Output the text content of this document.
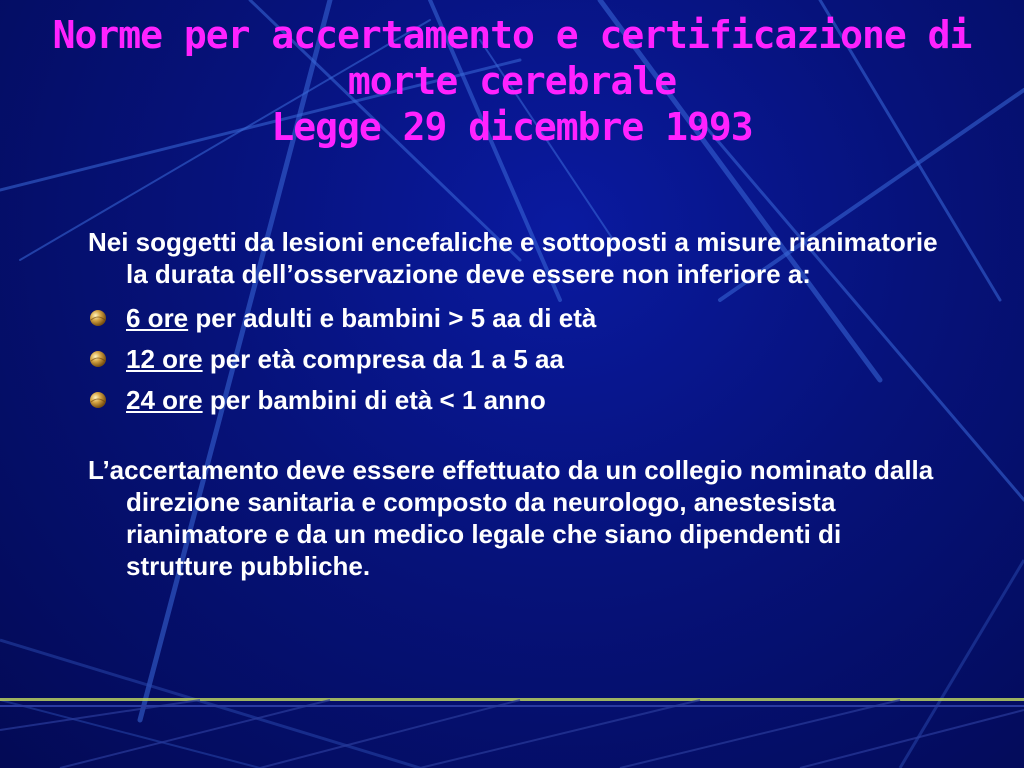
Norme per accertamento e certificazione di
morte cerebrale
Legge 29 dicembre 1993
Nei soggetti da lesioni encefaliche e sottoposti a misure rianimatorie la durata dell’osservazione deve essere non inferiore a:
6 ore per adulti e bambini > 5 aa di età
12 ore per età compresa da 1 a 5 aa
24 ore per bambini di età < 1 anno
L’accertamento deve essere effettuato da un collegio nominato dalla direzione sanitaria e composto da neurologo, anestesista rianimatore e da un medico legale che siano dipendenti di strutture pubbliche.
